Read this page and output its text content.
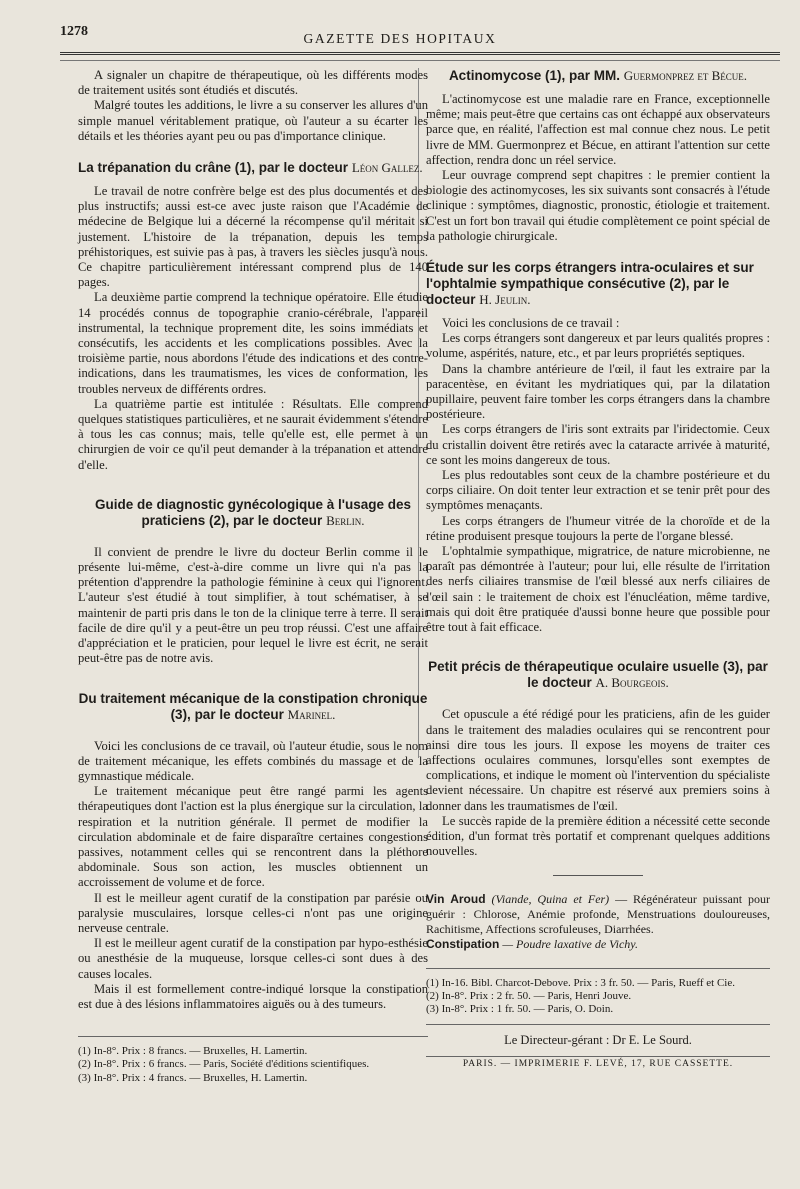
1278	GAZETTE DES HOPITAUX

A signaler un chapitre de thérapeutique, où les différents modes de traitement usités sont étudiés et discutés.

Malgré toutes les additions, le livre a su conserver les allures d'un simple manuel véritablement pratique, où l'auteur a su écarter les détails et les théories ayant peu ou pas d'importance clinique.

La trépanation du crâne (1), par le docteur Léon Gallez.

Le travail de notre confrère belge est des plus documentés et des plus instructifs; aussi est-ce avec juste raison que l'Académie de médecine de Belgique lui a décerné la récompense qu'il méritait si justement. L'histoire de la trépanation, depuis les temps préhistoriques, est suivie pas à pas, à travers les siècles jusqu'à nous. Ce chapitre particulièrement intéressant comprend plus de 140 pages.

La deuxième partie comprend la technique opératoire. Elle étudie 14 procédés connus de topographie cranio-cérébrale, l'appareil instrumental, la technique proprement dite, les soins immédiats et consécutifs, les accidents et les complications possibles. Avec la troisième partie, nous abordons l'étude des indications et des contre-indications, dans les traumatismes, les vices de conformation, les troubles nerveux de différents ordres.

La quatrième partie est intitulée : Résultats. Elle comprend quelques statistiques particulières, et ne saurait évidemment s'étendre à tous les cas connus; mais, telle qu'elle est, elle permet à un chirurgien de voir ce qu'il peut demander à la trépanation et attendre d'elle.

Guide de diagnostic gynécologique à l'usage des praticiens (2), par le docteur Berlin.

Il convient de prendre le livre du docteur Berlin comme il le présente lui-même, c'est-à-dire comme un livre qui n'a pas la prétention d'apprendre la pathologie féminine à ceux qui l'ignorent. L'auteur s'est étudié à tout simplifier, à tout schématiser, à se maintenir de parti pris dans le ton de la clinique terre à terre. Il serait facile de dire qu'il y a peut-être un peu trop réussi. C'est une affaire d'appréciation et le praticien, pour lequel le livre est écrit, ne serait peut-être pas de notre avis.

Du traitement mécanique de la constipation chronique (3), par le docteur Marinel.

Voici les conclusions de ce travail, où l'auteur étudie, sous le nom de traitement mécanique, les effets combinés du massage et de la gymnastique médicale.

Le traitement mécanique peut être rangé parmi les agents thérapeutiques dont l'action est la plus énergique sur la circulation, la respiration et la nutrition générale. Il permet de modifier la circulation abdominale et de faire disparaître certaines congestions passives, notamment celles qui se rencontrent dans la pléthore abdominale. Sous son action, les muscles obtiennent un accroissement de volume et de force.

Il est le meilleur agent curatif de la constipation par parésie ou paralysie musculaires, lorsque celles-ci n'ont pas une origine nerveuse centrale.

Il est le meilleur agent curatif de la constipation par hypo-esthésie ou anesthésie de la muqueuse, lorsque celles-ci sont dues à des causes locales.

Mais il est formellement contre-indiqué lorsque la constipation est due à des lésions inflammatoires aiguës ou à des tumeurs.

(1) In-8°. Prix : 8 francs. — Bruxelles, H. Lamertin.
(2) In-8°. Prix : 6 francs. — Paris, Société d'éditions scientifiques.
(3) In-8°. Prix : 4 francs. — Bruxelles, H. Lamertin.
Actinomycose (1), par MM. Guermonprez et Bécue.

L'actinomycose est une maladie rare en France, exceptionnelle même; mais peut-être que certains cas ont échappé aux observateurs parce que, en réalité, l'affection est mal connue chez nous. Le petit livre de MM. Guermonprez et Bécue, en attirant l'attention sur cette affection, rendra donc un réel service.

Leur ouvrage comprend sept chapitres : le premier contient la biologie des actinomycoses, les six suivants sont consacrés à l'étude clinique : symptômes, diagnostic, pronostic, étiologie et traitement. C'est un fort bon travail qui étudie complètement ce point spécial de la pathologie chirurgicale.

Étude sur les corps étrangers intra-oculaires et sur l'ophtalmie sympathique consécutive (2), par le docteur H. Jeulin.

Voici les conclusions de ce travail :

Les corps étrangers sont dangereux et par leurs qualités propres : volume, aspérités, nature, etc., et par leurs propriétés septiques.

Dans la chambre antérieure de l'œil, il faut les extraire par la paracentèse, en évitant les mydriatiques qui, par la dilatation pupillaire, peuvent faire tomber les corps étrangers dans la chambre postérieure.

Les corps étrangers de l'iris sont extraits par l'iridectomie. Ceux du cristallin doivent être retirés avec la cataracte arrivée à maturité, ce sont les moins dangereux de tous.

Les plus redoutables sont ceux de la chambre postérieure et du corps ciliaire. On doit tenter leur extraction et se tenir prêt pour des symptômes menaçants.

Les corps étrangers de l'humeur vitrée de la choroïde et de la rétine produisent presque toujours la perte de l'organe blessé.

L'ophtalmie sympathique, migratrice, de nature microbienne, ne paraît pas démontrée à l'auteur; pour lui, elle résulte de l'irritation des nerfs ciliaires transmise de l'œil blessé aux nerfs ciliaires de l'œil sain : le traitement de choix est l'énucléation, même tardive, mais qui doit être pratiquée d'aussi bonne heure que possible pour être tout à fait efficace.

Petit précis de thérapeutique oculaire usuelle (3), par le docteur A. Bourgeois.

Cet opuscule a été rédigé pour les praticiens, afin de les guider dans le traitement des maladies oculaires qui se rencontrent pour ainsi dire tous les jours. Il expose les moyens de traiter ces affections oculaires communes, lorsqu'elles sont exemptes de complications, et indique le moment où l'intervention du spécialiste devient nécessaire. Un chapitre est réservé aux premiers soins à donner dans les traumatismes de l'œil.

Le succès rapide de la première édition a nécessité cette seconde édition, d'un format très portatif et comprenant quelques additions nouvelles.

Vin Aroud (Viande, Quina et Fer) — Régénérateur puissant pour guérir : Chlorose, Anémie profonde, Menstruations douloureuses, Rachitisme, Affections scrofuleuses, Diarrhées.
Constipation — Poudre laxative de Vichy.
(1) In-16. Bibl. Charcot-Debove. Prix : 3 fr. 50. — Paris, Rueff et Cie.
(2) In-8°. Prix : 2 fr. 50. — Paris, Henri Jouve.
(3) In-8°. Prix : 1 fr. 50. — Paris, O. Doin.
Le Directeur-gérant : Dr E. Le Sourd.
PARIS. — IMPRIMERIE F. LEVÉ, 17, RUE CASSETTE.
